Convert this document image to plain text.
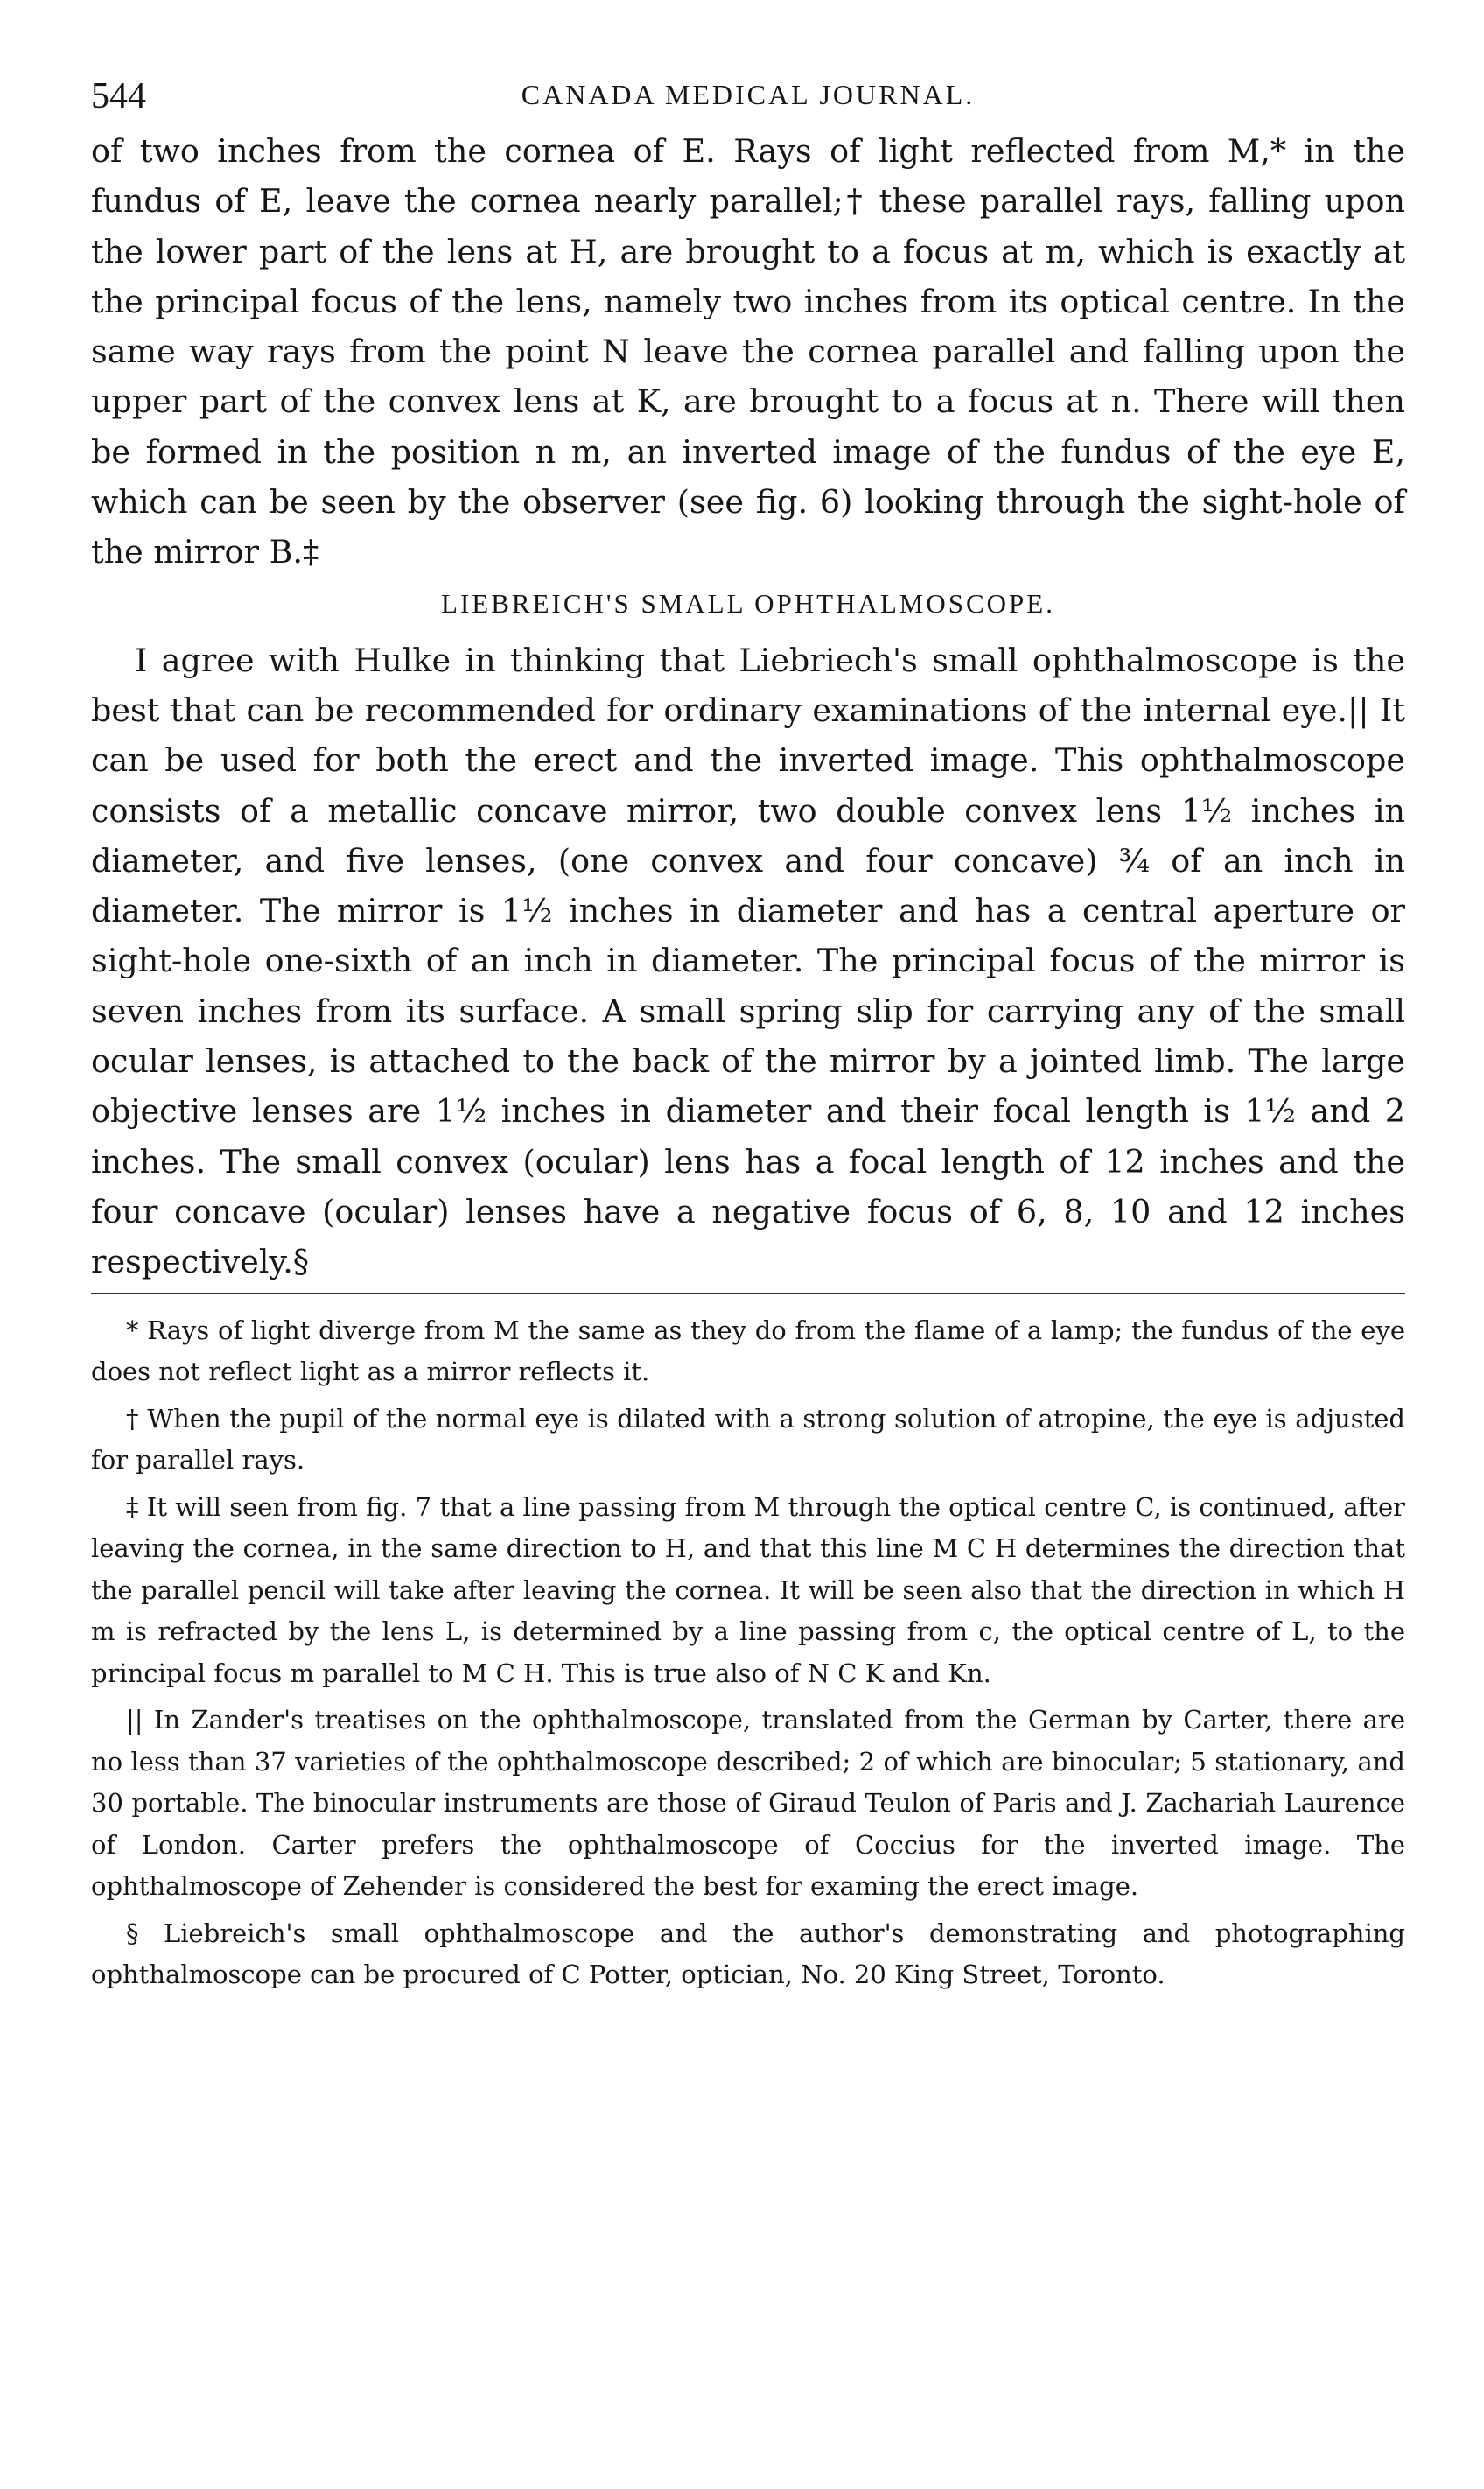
544	CANADA MEDICAL JOURNAL.

of two inches from the cornea of E. Rays of light reflected from M,* in the fundus of E, leave the cornea nearly parallel;† these parallel rays, falling upon the lower part of the lens at H, are brought to a focus at m, which is exactly at the principal focus of the lens, namely two inches from its optical centre. In the same way rays from the point N leave the cornea parallel and falling upon the upper part of the convex lens at K, are brought to a focus at n. There will then be formed in the position n m, an inverted image of the fundus of the eye E, which can be seen by the observer (see fig. 6) looking through the sight-hole of the mirror B.‡

LIEBREICH'S SMALL OPHTHALMOSCOPE.

I agree with Hulke in thinking that Liebriech's small ophthalmoscope is the best that can be recommended for ordinary examinations of the internal eye.|| It can be used for both the erect and the inverted image. This ophthalmoscope consists of a metallic concave mirror, two double convex lens 1½ inches in diameter, and five lenses, (one convex and four concave) ¾ of an inch in diameter. The mirror is 1½ inches in diameter and has a central aperture or sight-hole one-sixth of an inch in diameter. The principal focus of the mirror is seven inches from its surface. A small spring slip for carrying any of the small ocular lenses, is attached to the back of the mirror by a jointed limb. The large objective lenses are 1½ inches in diameter and their focal length is 1½ and 2 inches. The small convex (ocular) lens has a focal length of 12 inches and the four concave (ocular) lenses have a negative focus of 6, 8, 10 and 12 inches respectively.§

* Rays of light diverge from M the same as they do from the flame of a lamp; the fundus of the eye does not reflect light as a mirror reflects it.

† When the pupil of the normal eye is dilated with a strong solution of atropine, the eye is adjusted for parallel rays.

‡ It will seen from fig. 7 that a line passing from M through the optical centre C, is continued, after leaving the cornea, in the same direction to H, and that this line M C H determines the direction that the parallel pencil will take after leaving the cornea. It will be seen also that the direction in which H m is refracted by the lens L, is determined by a line passing from c, the optical centre of L, to the principal focus m parallel to M C H. This is true also of N C K and Kn.

|| In Zander's treatises on the ophthalmoscope, translated from the German by Carter, there are no less than 37 varieties of the ophthalmoscope described; 2 of which are binocular; 5 stationary, and 30 portable. The binocular instruments are those of Giraud Teulon of Paris and J. Zachariah Laurence of London. Carter prefers the ophthalmoscope of Coccius for the inverted image. The ophthalmoscope of Zehender is considered the best for examing the erect image.

§ Liebreich's small ophthalmoscope and the author's demonstrating and photographing ophthalmoscope can be procured of C Potter, optician, No. 20 King Street, Toronto.
